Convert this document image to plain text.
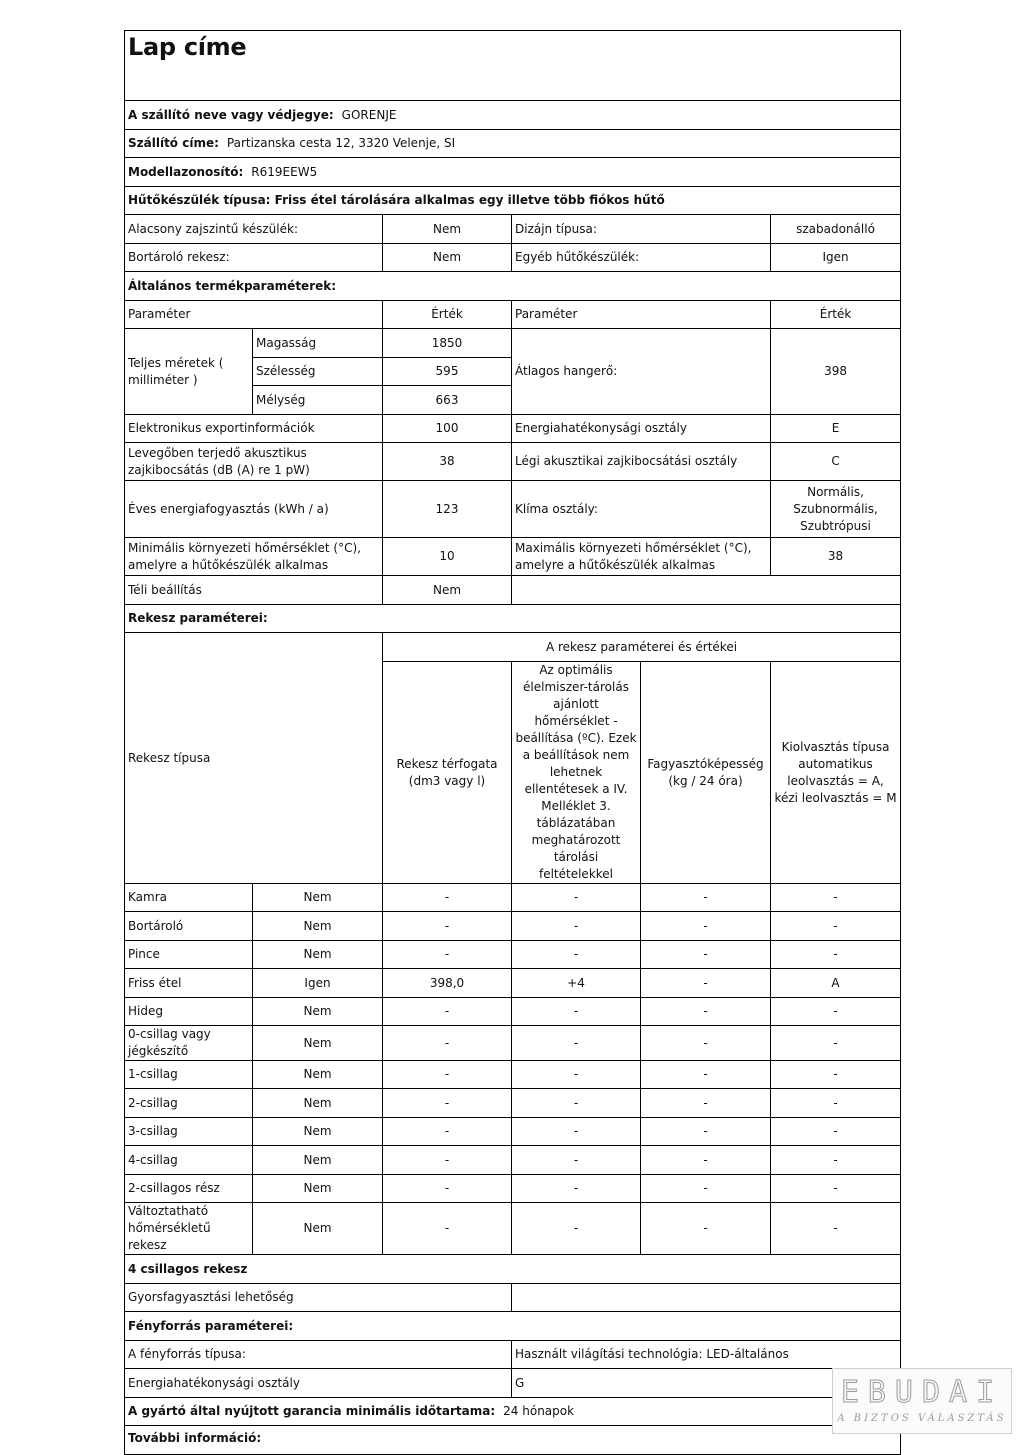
Lap címe					
A szállító neve vagy védjegye: GORENJE					
Szállító címe: Partizanska cesta 12, 3320 Velenje, SI					
Modellazonosító: R619EEW5					
Hűtőkészülék típusa: Friss étel tárolására alkalmas egy illetve több fiókos hűtő					
Alacsony zajszintű készülék:		Nem	Dizájn típusa:		szabadonálló
Bortároló rekesz:		Nem	Egyéb hűtőkészülék:		Igen
Általános termékparaméterek:					
Paraméter		Érték	Paraméter		Érték
Teljes méretek ( milliméter )	Magasság	1850	Átlagos hangerő:		398
	Szélesség	595			
	Mélység	663			
Elektronikus exportinformációk		100	Energiahatékonysági osztály		E
Levegőben terjedő akusztikus zajkibocsátás (dB (A) re 1 pW)		38	Légi akusztikai zajkibocsátási osztály		C
Éves energiafogyasztás (kWh / a)		123	Klíma osztály:		Normális, Szubnormális, Szubtrópusi
Minimális környezeti hőmérséklet (°C), amelyre a hűtőkészülék alkalmas		10	Maximális környezeti hőmérséklet (°C), amelyre a hűtőkészülék alkalmas		38
Téli beállítás		Nem			
Rekesz paraméterei:					
Rekesz típusa		A rekesz paraméterei és értékei			
		Rekesz térfogata (dm3 vagy l)	Az optimális élelmiszer-tárolás ajánlott hőmérséklet -beállítása (ºC). Ezek a beállítások nem lehetnek ellentétesek a IV. Melléklet 3. táblázatában meghatározott tárolási feltételekkel	Fagyasztóképesség (kg / 24 óra)	Kiolvasztás típusa automatikus leolvasztás = A, kézi leolvasztás = M
Kamra	Nem	-	-	-	-
Bortároló	Nem	-	-	-	-
Pince	Nem	-	-	-	-
Friss étel	Igen	398,0	+4	-	A
Hideg	Nem	-	-	-	-
0-csillag vagy jégkészítő	Nem	-	-	-	-
1-csillag	Nem	-	-	-	-
2-csillag	Nem	-	-	-	-
3-csillag	Nem	-	-	-	-
4-csillag	Nem	-	-	-	-
2-csillagos rész	Nem	-	-	-	-
Változtatható hőmérsékletű rekesz	Nem	-	-	-	-
4 csillagos rekesz					
Gyorsfagyasztási lehetőség					
Fényforrás paraméterei:					
A fényforrás típusa:			Használt világítási technológia: LED-általános		
Energiahatékonysági osztály			G		
A gyártó által nyújtott garancia minimális időtartama: 24 hónapok					
További információ:					
EBUDAI
A BIZTOS VÁLASZTÁS
